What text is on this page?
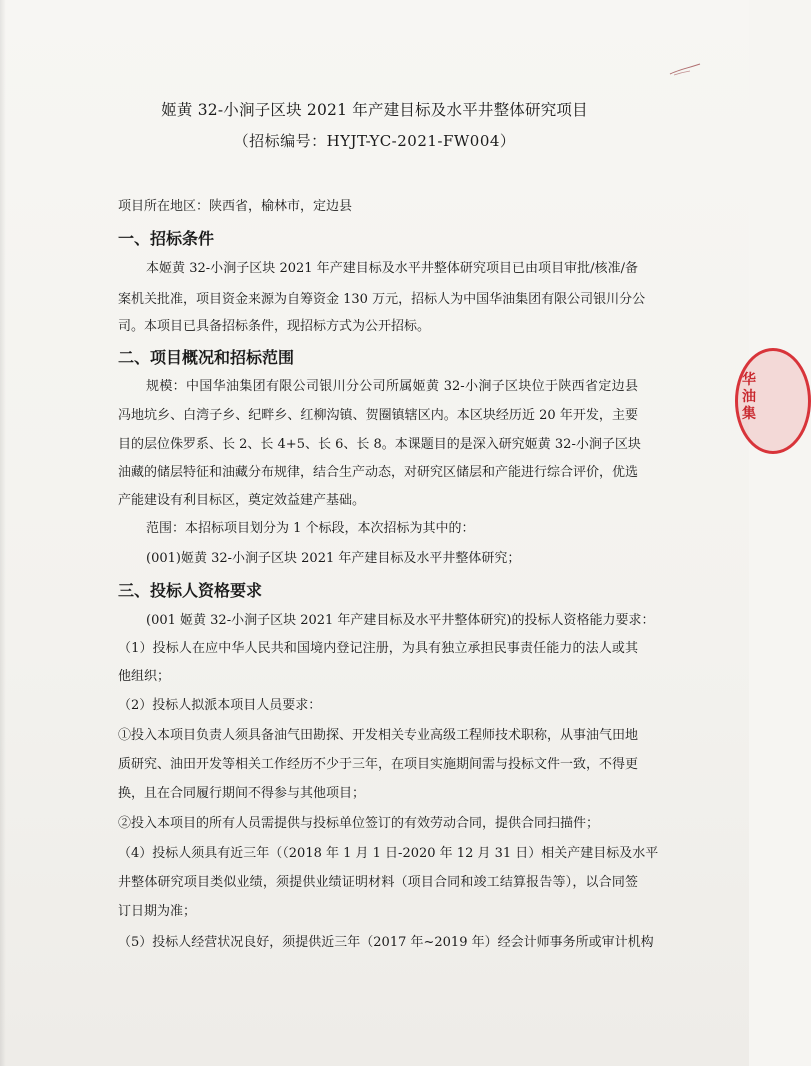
姬黄 32-小涧子区块 2021 年产建目标及水平井整体研究项目
（招标编号：HYJT-YC-2021-FW004）
项目所在地区：陕西省，榆林市，定边县
一、招标条件
本姬黄 32-小涧子区块 2021 年产建目标及水平井整体研究项目已由项目审批/核准/备
案机关批准，项目资金来源为自筹资金 130 万元，招标人为中国华油集团有限公司银川分公
司。本项目已具备招标条件，现招标方式为公开招标。
二、项目概况和招标范围
规模：中国华油集团有限公司银川分公司所属姬黄 32-小涧子区块位于陕西省定边县
冯地坑乡、白湾子乡、纪畔乡、红柳沟镇、贺圈镇辖区内。本区块经历近 20 年开发，主要
目的层位侏罗系、长 2、长 4+5、长 6、长 8。本课题目的是深入研究姬黄 32-小涧子区块
油藏的储层特征和油藏分布规律，结合生产动态，对研究区储层和产能进行综合评价，优选
产能建设有利目标区，奠定效益建产基础。
范围：本招标项目划分为 1 个标段，本次招标为其中的：
(001)姬黄 32-小涧子区块 2021 年产建目标及水平井整体研究；
三、投标人资格要求
(001 姬黄 32-小涧子区块 2021 年产建目标及水平井整体研究)的投标人资格能力要求：
（1）投标人在应中华人民共和国境内登记注册，为具有独立承担民事责任能力的法人或其
他组织；
（2）投标人拟派本项目人员要求：
①投入本项目负责人须具备油气田勘探、开发相关专业高级工程师技术职称，从事油气田地
质研究、油田开发等相关工作经历不少于三年，在项目实施期间需与投标文件一致，不得更
换，且在合同履行期间不得参与其他项目；
②投入本项目的所有人员需提供与投标单位签订的有效劳动合同，提供合同扫描件；
（4）投标人须具有近三年（（2018 年 1 月 1 日-2020 年 12 月 31 日）相关产建目标及水平
井整体研究项目类似业绩，须提供业绩证明材料（项目合同和竣工结算报告等），以合同签
订日期为准；
（5）投标人经营状况良好，须提供近三年（2017 年~2019 年）经会计师事务所或审计机构
华
油
集
